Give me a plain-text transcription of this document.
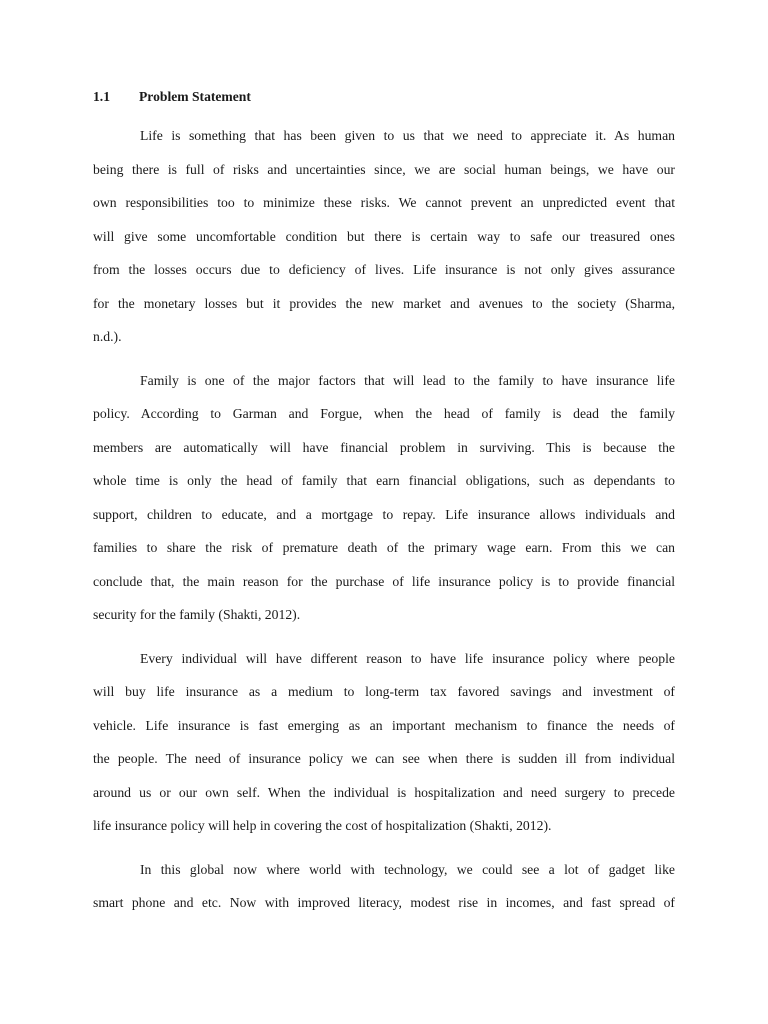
1.1 Problem Statement
Life is something that has been given to us that we need to appreciate it. As human
being there is full of risks and uncertainties since, we are social human beings, we have our
own responsibilities too to minimize these risks. We cannot prevent an unpredicted event that
will give some uncomfortable condition but there is certain way to safe our treasured ones
from the losses occurs due to deficiency of lives. Life insurance is not only gives assurance
for the monetary losses but it provides the new market and avenues to the society (Sharma,
n.d.).
Family is one of the major factors that will lead to the family to have insurance life
policy. According to Garman and Forgue, when the head of family is dead the family
members are automatically will have financial problem in surviving. This is because the
whole time is only the head of family that earn financial obligations, such as dependants to
support, children to educate, and a mortgage to repay. Life insurance allows individuals and
families to share the risk of premature death of the primary wage earn. From this we can
conclude that, the main reason for the purchase of life insurance policy is to provide financial
security for the family (Shakti, 2012).
Every individual will have different reason to have life insurance policy where people
will buy life insurance as a medium to long-term tax favored savings and investment of
vehicle. Life insurance is fast emerging as an important mechanism to finance the needs of
the people. The need of insurance policy we can see when there is sudden ill from individual
around us or our own self. When the individual is hospitalization and need surgery to precede
life insurance policy will help in covering the cost of hospitalization (Shakti, 2012).
In this global now where world with technology, we could see a lot of gadget like
smart phone and etc. Now with improved literacy, modest rise in incomes, and fast spread of
